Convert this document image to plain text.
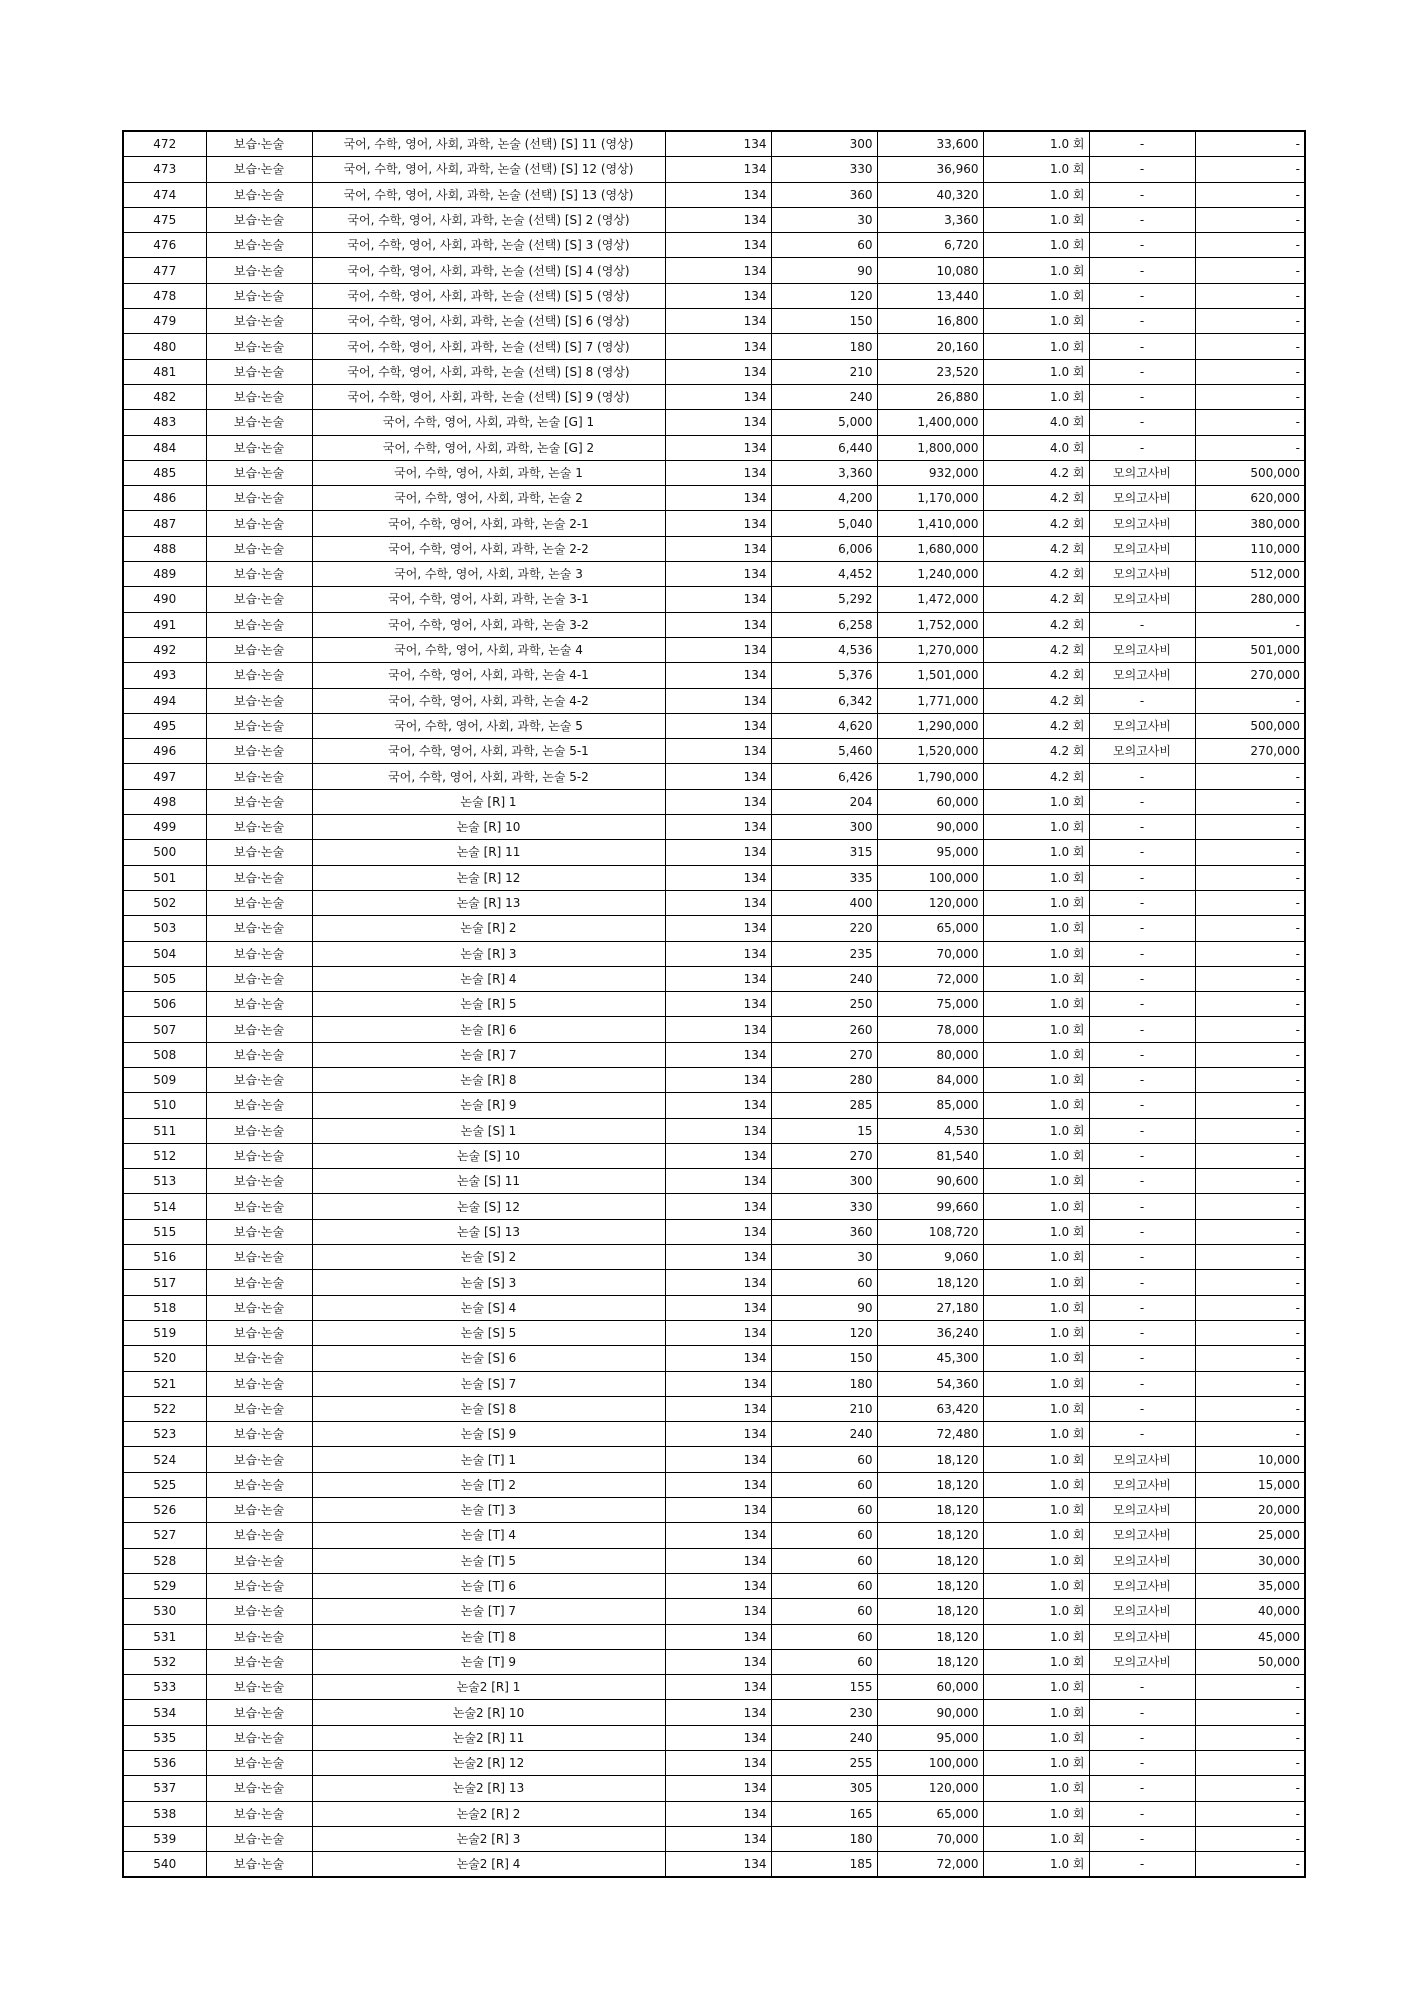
472	보습·논술	국어, 수학, 영어, 사회, 과학, 논술 (선택) [S] 11 (영상)	134	300	33,600	1.0 회	-	-
473	보습·논술	국어, 수학, 영어, 사회, 과학, 논술 (선택) [S] 12 (영상)	134	330	36,960	1.0 회	-	-
474	보습·논술	국어, 수학, 영어, 사회, 과학, 논술 (선택) [S] 13 (영상)	134	360	40,320	1.0 회	-	-
475	보습·논술	국어, 수학, 영어, 사회, 과학, 논술 (선택) [S] 2 (영상)	134	30	3,360	1.0 회	-	-
476	보습·논술	국어, 수학, 영어, 사회, 과학, 논술 (선택) [S] 3 (영상)	134	60	6,720	1.0 회	-	-
477	보습·논술	국어, 수학, 영어, 사회, 과학, 논술 (선택) [S] 4 (영상)	134	90	10,080	1.0 회	-	-
478	보습·논술	국어, 수학, 영어, 사회, 과학, 논술 (선택) [S] 5 (영상)	134	120	13,440	1.0 회	-	-
479	보습·논술	국어, 수학, 영어, 사회, 과학, 논술 (선택) [S] 6 (영상)	134	150	16,800	1.0 회	-	-
480	보습·논술	국어, 수학, 영어, 사회, 과학, 논술 (선택) [S] 7 (영상)	134	180	20,160	1.0 회	-	-
481	보습·논술	국어, 수학, 영어, 사회, 과학, 논술 (선택) [S] 8 (영상)	134	210	23,520	1.0 회	-	-
482	보습·논술	국어, 수학, 영어, 사회, 과학, 논술 (선택) [S] 9 (영상)	134	240	26,880	1.0 회	-	-
483	보습·논술	국어, 수학, 영어, 사회, 과학, 논술 [G] 1	134	5,000	1,400,000	4.0 회	-	-
484	보습·논술	국어, 수학, 영어, 사회, 과학, 논술 [G] 2	134	6,440	1,800,000	4.0 회	-	-
485	보습·논술	국어, 수학, 영어, 사회, 과학, 논술 1	134	3,360	932,000	4.2 회	모의고사비	500,000
486	보습·논술	국어, 수학, 영어, 사회, 과학, 논술 2	134	4,200	1,170,000	4.2 회	모의고사비	620,000
487	보습·논술	국어, 수학, 영어, 사회, 과학, 논술 2-1	134	5,040	1,410,000	4.2 회	모의고사비	380,000
488	보습·논술	국어, 수학, 영어, 사회, 과학, 논술 2-2	134	6,006	1,680,000	4.2 회	모의고사비	110,000
489	보습·논술	국어, 수학, 영어, 사회, 과학, 논술 3	134	4,452	1,240,000	4.2 회	모의고사비	512,000
490	보습·논술	국어, 수학, 영어, 사회, 과학, 논술 3-1	134	5,292	1,472,000	4.2 회	모의고사비	280,000
491	보습·논술	국어, 수학, 영어, 사회, 과학, 논술 3-2	134	6,258	1,752,000	4.2 회	-	-
492	보습·논술	국어, 수학, 영어, 사회, 과학, 논술 4	134	4,536	1,270,000	4.2 회	모의고사비	501,000
493	보습·논술	국어, 수학, 영어, 사회, 과학, 논술 4-1	134	5,376	1,501,000	4.2 회	모의고사비	270,000
494	보습·논술	국어, 수학, 영어, 사회, 과학, 논술 4-2	134	6,342	1,771,000	4.2 회	-	-
495	보습·논술	국어, 수학, 영어, 사회, 과학, 논술 5	134	4,620	1,290,000	4.2 회	모의고사비	500,000
496	보습·논술	국어, 수학, 영어, 사회, 과학, 논술 5-1	134	5,460	1,520,000	4.2 회	모의고사비	270,000
497	보습·논술	국어, 수학, 영어, 사회, 과학, 논술 5-2	134	6,426	1,790,000	4.2 회	-	-
498	보습·논술	논술 [R] 1	134	204	60,000	1.0 회	-	-
499	보습·논술	논술 [R] 10	134	300	90,000	1.0 회	-	-
500	보습·논술	논술 [R] 11	134	315	95,000	1.0 회	-	-
501	보습·논술	논술 [R] 12	134	335	100,000	1.0 회	-	-
502	보습·논술	논술 [R] 13	134	400	120,000	1.0 회	-	-
503	보습·논술	논술 [R] 2	134	220	65,000	1.0 회	-	-
504	보습·논술	논술 [R] 3	134	235	70,000	1.0 회	-	-
505	보습·논술	논술 [R] 4	134	240	72,000	1.0 회	-	-
506	보습·논술	논술 [R] 5	134	250	75,000	1.0 회	-	-
507	보습·논술	논술 [R] 6	134	260	78,000	1.0 회	-	-
508	보습·논술	논술 [R] 7	134	270	80,000	1.0 회	-	-
509	보습·논술	논술 [R] 8	134	280	84,000	1.0 회	-	-
510	보습·논술	논술 [R] 9	134	285	85,000	1.0 회	-	-
511	보습·논술	논술 [S] 1	134	15	4,530	1.0 회	-	-
512	보습·논술	논술 [S] 10	134	270	81,540	1.0 회	-	-
513	보습·논술	논술 [S] 11	134	300	90,600	1.0 회	-	-
514	보습·논술	논술 [S] 12	134	330	99,660	1.0 회	-	-
515	보습·논술	논술 [S] 13	134	360	108,720	1.0 회	-	-
516	보습·논술	논술 [S] 2	134	30	9,060	1.0 회	-	-
517	보습·논술	논술 [S] 3	134	60	18,120	1.0 회	-	-
518	보습·논술	논술 [S] 4	134	90	27,180	1.0 회	-	-
519	보습·논술	논술 [S] 5	134	120	36,240	1.0 회	-	-
520	보습·논술	논술 [S] 6	134	150	45,300	1.0 회	-	-
521	보습·논술	논술 [S] 7	134	180	54,360	1.0 회	-	-
522	보습·논술	논술 [S] 8	134	210	63,420	1.0 회	-	-
523	보습·논술	논술 [S] 9	134	240	72,480	1.0 회	-	-
524	보습·논술	논술 [T] 1	134	60	18,120	1.0 회	모의고사비	10,000
525	보습·논술	논술 [T] 2	134	60	18,120	1.0 회	모의고사비	15,000
526	보습·논술	논술 [T] 3	134	60	18,120	1.0 회	모의고사비	20,000
527	보습·논술	논술 [T] 4	134	60	18,120	1.0 회	모의고사비	25,000
528	보습·논술	논술 [T] 5	134	60	18,120	1.0 회	모의고사비	30,000
529	보습·논술	논술 [T] 6	134	60	18,120	1.0 회	모의고사비	35,000
530	보습·논술	논술 [T] 7	134	60	18,120	1.0 회	모의고사비	40,000
531	보습·논술	논술 [T] 8	134	60	18,120	1.0 회	모의고사비	45,000
532	보습·논술	논술 [T] 9	134	60	18,120	1.0 회	모의고사비	50,000
533	보습·논술	논술2 [R] 1	134	155	60,000	1.0 회	-	-
534	보습·논술	논술2 [R] 10	134	230	90,000	1.0 회	-	-
535	보습·논술	논술2 [R] 11	134	240	95,000	1.0 회	-	-
536	보습·논술	논술2 [R] 12	134	255	100,000	1.0 회	-	-
537	보습·논술	논술2 [R] 13	134	305	120,000	1.0 회	-	-
538	보습·논술	논술2 [R] 2	134	165	65,000	1.0 회	-	-
539	보습·논술	논술2 [R] 3	134	180	70,000	1.0 회	-	-
540	보습·논술	논술2 [R] 4	134	185	72,000	1.0 회	-	-
